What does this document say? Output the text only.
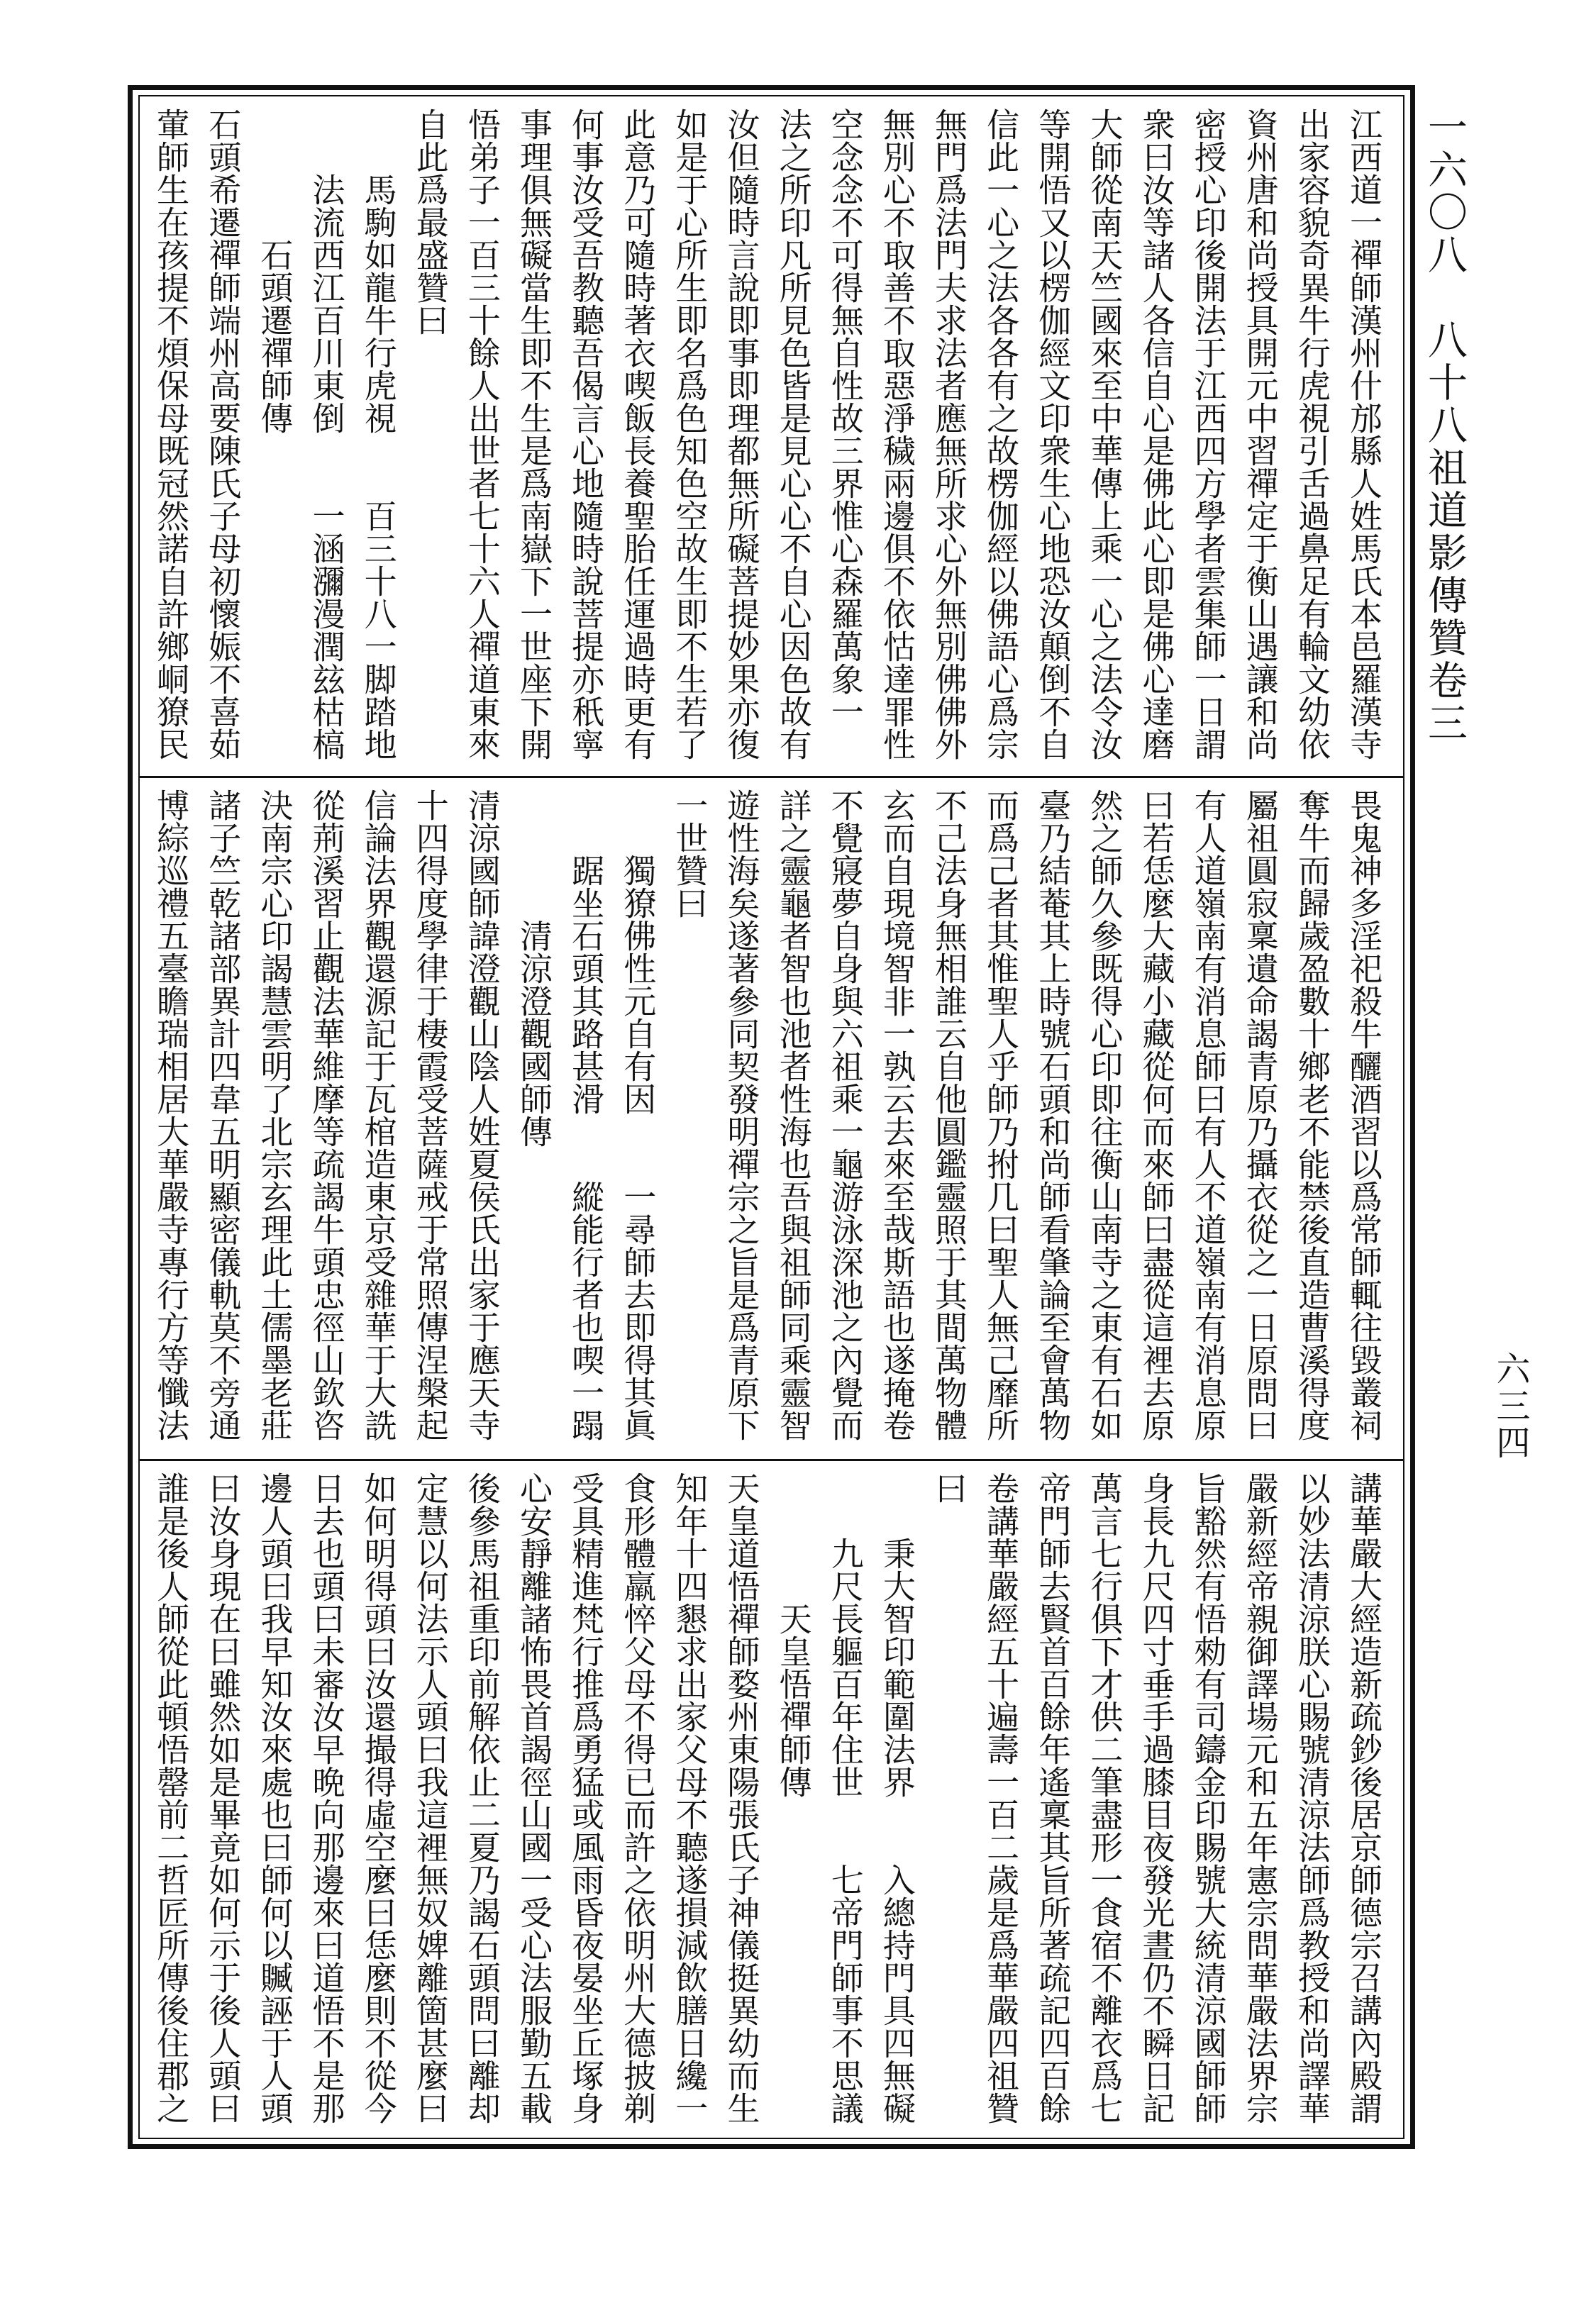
一六〇八　八十八祖道影傳贊卷三
六三四
江西道一禪師漢州什邡縣人姓馬氏本邑羅漢寺
出家容貌奇異牛行虎視引舌過鼻足有輪文幼依
資州唐和尚授具開元中習禪定于衡山遇讓和尚
密授心印後開法于江西四方學者雲集師一日謂
衆曰汝等諸人各信自心是佛此心即是佛心達磨
大師從南天竺國來至中華傳上乘一心之法令汝
等開悟又以楞伽經文印衆生心地恐汝顛倒不自
信此一心之法各各有之故楞伽經以佛語心爲宗
無門爲法門夫求法者應無所求心外無別佛佛外
無別心不取善不取惡淨穢兩邊俱不依怙達罪性
空念念不可得無自性故三界惟心森羅萬象一
法之所印凡所見色皆是見心心不自心因色故有
汝但隨時言說即事即理都無所礙菩提妙果亦復
如是于心所生即名爲色知色空故生即不生若了
此意乃可隨時著衣喫飯長養聖胎任運過時更有
何事汝受吾教聽吾偈言心地隨時說菩提亦秖寧
事理俱無礙當生即不生是爲南嶽下一世座下開
悟弟子一百三十餘人出世者七十六人禪道東來
自此爲最盛贊曰
馬駒如龍牛行虎視　　百三十八一脚踏地
法流西江百川東倒　　一涵瀰漫潤玆枯槁
石頭遷禪師傳
石頭希遷禪師端州高要陳氏子母初懷娠不喜茹
葷師生在孩提不煩保母既冠然諾自許鄉峒獠民
畏鬼神多淫祀殺牛釃酒習以爲常師輒往毀叢祠
奪牛而歸歲盈數十鄉老不能禁後直造曹溪得度
屬祖圓寂稟遺命謁青原乃攝衣從之一日原問曰
有人道嶺南有消息師曰有人不道嶺南有消息原
曰若恁麼大藏小藏從何而來師曰盡從這裡去原
然之師久參既得心印即往衡山南寺之東有石如
臺乃結菴其上時號石頭和尚師看肇論至會萬物
而爲己者其惟聖人乎師乃拊几曰聖人無己靡所
不己法身無相誰云自他圓鑑靈照于其間萬物體
玄而自現境智非一孰云去來至哉斯語也遂掩卷
不覺寢夢自身與六祖乘一龜游泳深池之內覺而
詳之靈龜者智也池者性海也吾與祖師同乘靈智
遊性海矣遂著參同契發明禪宗之旨是爲青原下
一世贊曰
獨獠佛性元自有因　　一尋師去即得其眞
踞坐石頭其路甚滑　　縱能行者也喫一蹋
清涼澄觀國師傳
清涼國師諱澄觀山陰人姓夏侯氏出家于應天寺
十四得度學律于棲霞受菩薩戒于常照傳涅槃起
信論法界觀還源記于瓦棺造東京受雜華于大詵
從荊溪習止觀法華維摩等疏謁牛頭忠徑山欽咨
決南宗心印謁慧雲明了北宗玄理此土儒墨老莊
諸子竺乾諸部異計四韋五明顯密儀軌莫不旁通
博綜巡禮五臺瞻瑞相居大華嚴寺專行方等懺法
講華嚴大經造新疏鈔後居京師德宗召講內殿謂
以妙法清涼朕心賜號清涼法師爲教授和尚譯華
嚴新經帝親御譯場元和五年憲宗問華嚴法界宗
旨豁然有悟勑有司鑄金印賜號大統清涼國師師
身長九尺四寸垂手過膝目夜發光晝仍不瞬日記
萬言七行俱下才供二筆盡形一食宿不離衣爲七
帝門師去賢首百餘年遙稟其旨所著疏記四百餘
卷講華嚴經五十遍壽一百二歲是爲華嚴四祖贊
曰
秉大智印範圍法界　　入總持門具四無礙
九尺長軀百年住世　　七帝門師事不思議
天皇悟禪師傳
天皇道悟禪師婺州東陽張氏子神儀挺異幼而生
知年十四懇求出家父母不聽遂損減飲膳日纔一
食形體羸悴父母不得已而許之依明州大德披剃
受具精進梵行推爲勇猛或風雨昏夜晏坐丘塚身
心安靜離諸怖畏首謁徑山國一受心法服勤五載
後參馬祖重印前解依止二夏乃謁石頭問曰離却
定慧以何法示人頭曰我這裡無奴婢離箇甚麼曰
如何明得頭曰汝還撮得虛空麼曰恁麼則不從今
日去也頭曰未審汝早晩向那邊來曰道悟不是那
邊人頭曰我早知汝來處也曰師何以贓誣于人頭
曰汝身現在曰雖然如是畢竟如何示于後人頭曰
誰是後人師從此頓悟罄前二哲匠所傳後住郡之
